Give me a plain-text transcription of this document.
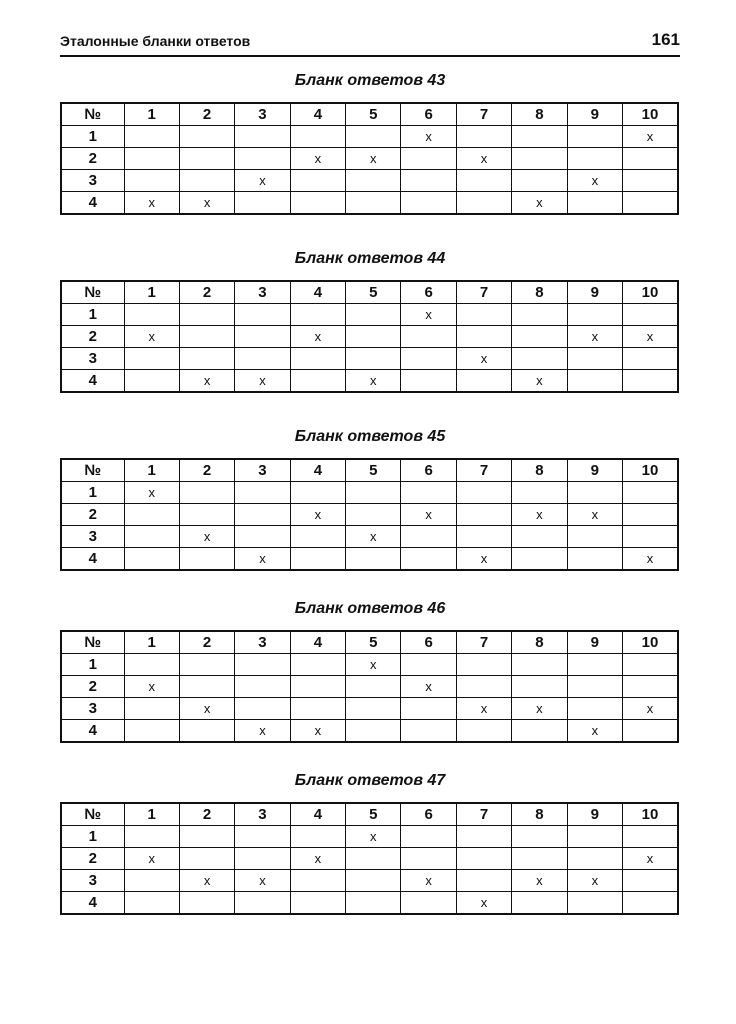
Эталонные бланки ответов	161
Бланк ответов 43
№	1	2	3	4	5	6	7	8	9	10
1						x				x
2				x	x		x			
3			x						x	
4	x	x						x		
Бланк ответов 44
№	1	2	3	4	5	6	7	8	9	10
1						x				
2	x			x					x	x
3							x			
4		x	x		x			x		
Бланк ответов 45
№	1	2	3	4	5	6	7	8	9	10
1	x									
2				x		x		x	x	
3		x			x					
4			x				x			x
Бланк ответов 46
№	1	2	3	4	5	6	7	8	9	10
1					x					
2	x					x				
3		x					x	x		x
4			x	x					x	
Бланк ответов 47
№	1	2	3	4	5	6	7	8	9	10
1					x					
2	x			x						x
3		x	x			x		x	x	
4							x			
